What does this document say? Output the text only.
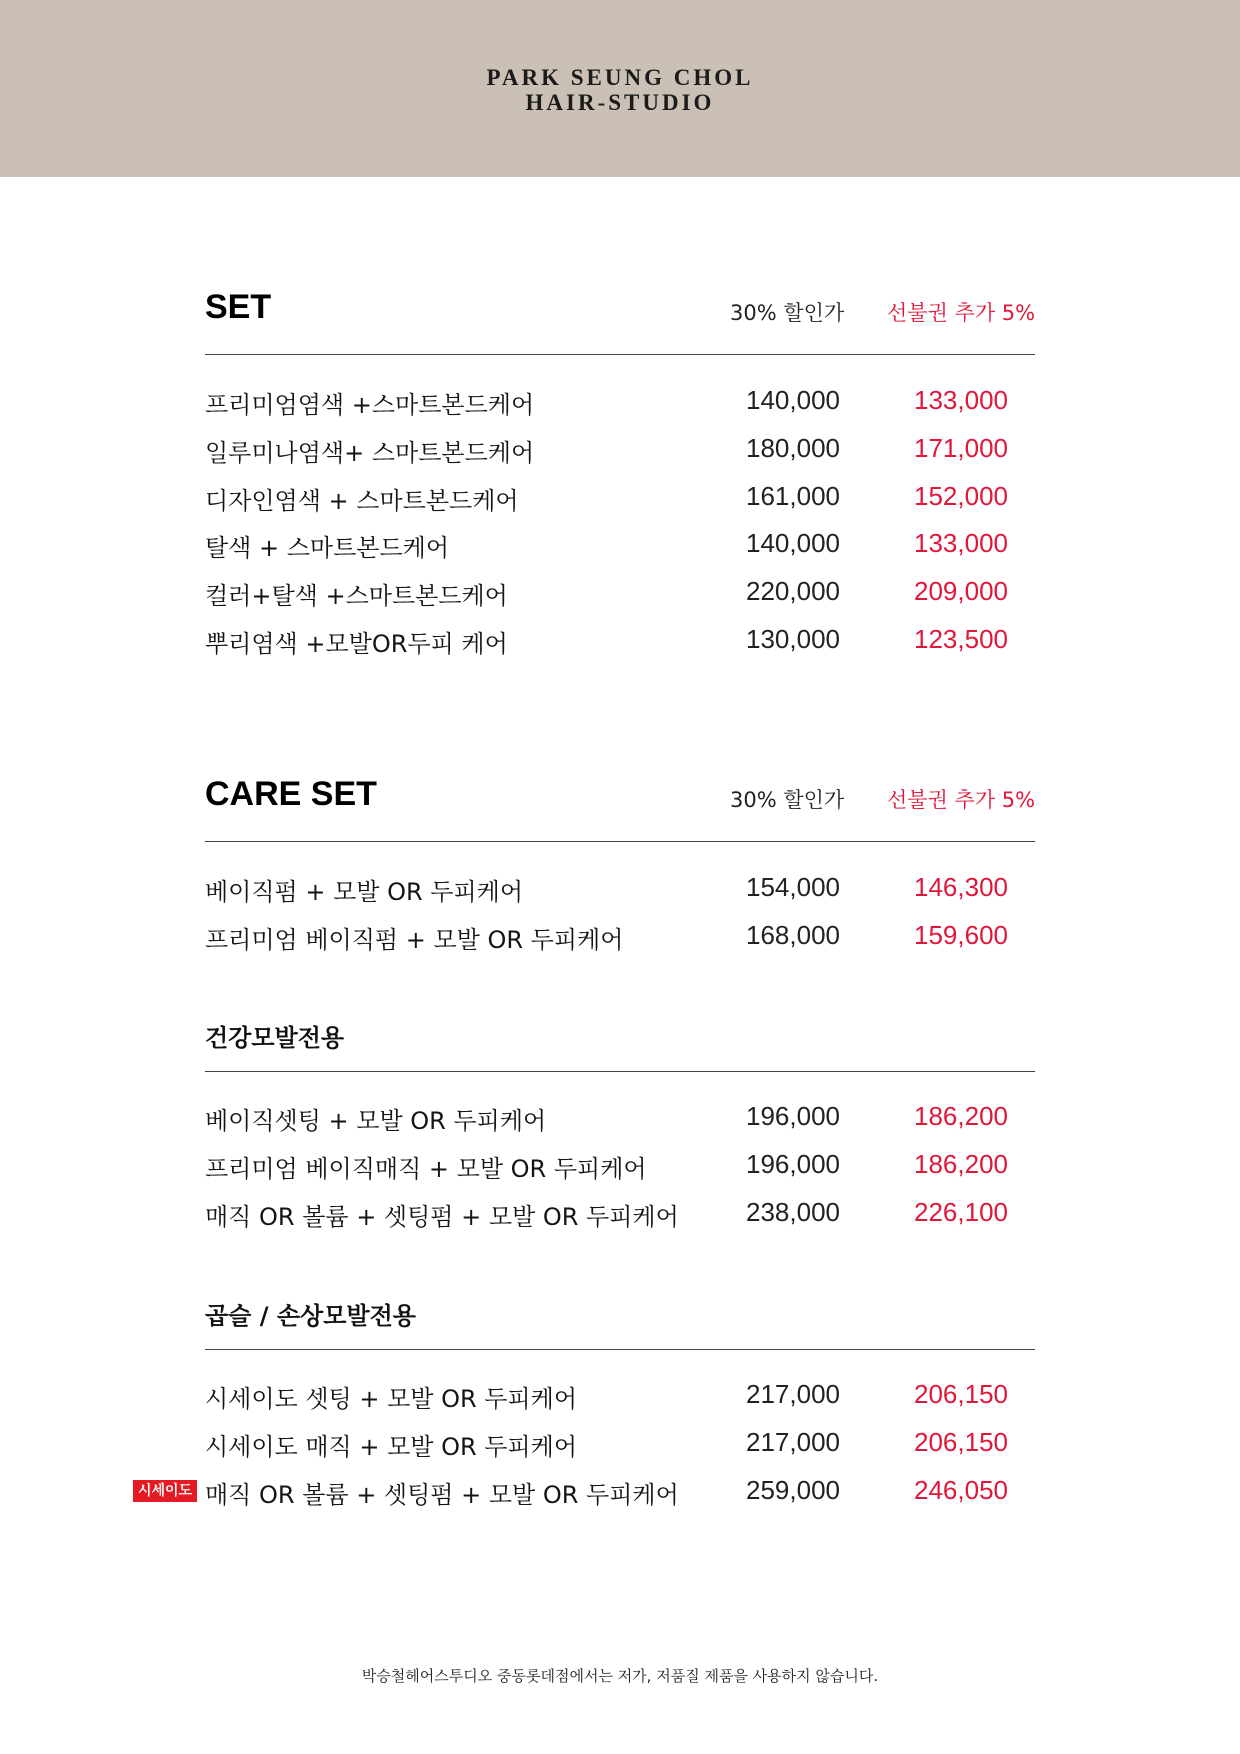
PARK SEUNG CHOL
HAIR-STUDIO
SET	30% 할인가 선불권 추가 5%
프리미엄염색 +스마트본드케어	140,000	133,000
일루미나염색+ 스마트본드케어	180,000	171,000
디자인염색 + 스마트본드케어	161,000	152,000
탈색 + 스마트본드케어	140,000	133,000
컬러+탈색 +스마트본드케어	220,000	209,000
뿌리염색 +모발OR두피 케어	130,000	123,500
CARE SET	30% 할인가 선불권 추가 5%
베이직펌 + 모발 OR 두피케어	154,000	146,300
프리미엄 베이직펌 + 모발 OR 두피케어	168,000	159,600
건강모발전용
베이직셋팅 + 모발 OR 두피케어	196,000	186,200
프리미엄 베이직매직 + 모발 OR 두피케어	196,000	186,200
매직 OR 볼륨 + 셋팅펌 + 모발 OR 두피케어	238,000	226,100
곱슬 / 손상모발전용
시세이도 셋팅 + 모발 OR 두피케어	217,000	206,150
시세이도 매직 + 모발 OR 두피케어	217,000	206,150
시세이도 매직 OR 볼륨 + 셋팅펌 + 모발 OR 두피케어	259,000	246,050
박승철헤어스투디오 중동롯데점에서는 저가, 저품질 제품을 사용하지 않습니다.
